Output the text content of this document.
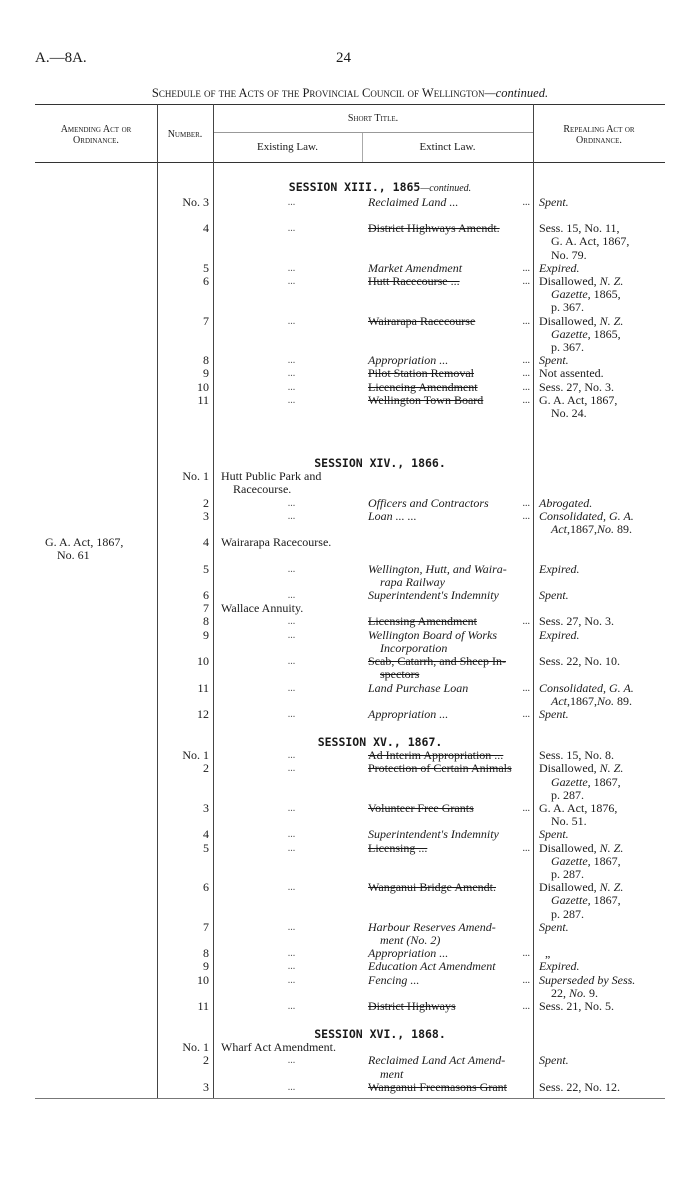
A.—8A.	24
Schedule of the Acts of the Provincial Council of Wellington—continued.
Amending Act or
Ordinance.
Number.
Short Title.
Existing Law.	Extinct Law.
Repealing Act or
Ordinance.
SESSION XIII., 1865—continued.
No. 3	...	Reclaimed Land ...	... Spent.
4	...	District Highways Amendt.	Sess. 15, No. 11,
G. A. Act, 1867,
No. 79.
5	...	Market Amendment	... Expired.
6	...	Hutt Racecourse ...	... Disallowed, N. Z.
Gazette, 1865,
p. 367.
7	...	Wairarapa Racecourse	... Disallowed, N. Z.
Gazette, 1865,
p. 367.
8	...	Appropriation ...	... Spent.
9	...	Pilot Station Removal	... Not assented.
10	...	Licencing Amendment	... Sess. 27, No. 3.
11	...	Wellington Town Board	... G. A. Act, 1867,
No. 24.
SESSION XIV., 1866.
No. 1	Hutt Public Park and
Racecourse.
2	...	Officers and Contractors	... Abrogated.
3	...	Loan ... ...	... Consolidated, G. A.
Act,1867,No. 89.
G. A. Act, 1867,
No. 61
4	Wairarapa Racecourse.
5	...	Wellington, Hutt, and Waira-
rapa Railway
Expired.
6	...	Superintendent's Indemnity	Spent.
7	Wallace Annuity.
8	...	Licensing Amendment	... Sess. 27, No. 3.
9	...	Wellington Board of Works
Incorporation
Expired.
10	...	Scab, Catarrh, and Sheep In-
spectors
Sess. 22, No. 10.
11	...	Land Purchase Loan	... Consolidated, G. A.
Act,1867,No. 89.
12	...	Appropriation ...	... Spent.
SESSION XV., 1867.
No. 1	...	Ad Interim Appropriation ...	Sess. 15, No. 8.
2	...	Protection of Certain Animals	Disallowed, N. Z.
Gazette, 1867,
p. 287.
3	...	Volunteer Free Grants	... G. A. Act, 1876,
No. 51.
4	...	Superintendent's Indemnity	Spent.
5	...	Licensing ...	... Disallowed, N. Z.
Gazette, 1867,
p. 287.
6	...	Wanganui Bridge Amendt.	Disallowed, N. Z.
Gazette, 1867,
p. 287.
7	...	Harbour Reserves Amend-
ment (No. 2)
Spent.
8	...	Appropriation ...	... „
9	...	Education Act Amendment	Expired.
10	...	Fencing ...	... Superseded by Sess.
22, No. 9.
11	...	District Highways	... Sess. 21, No. 5.
SESSION XVI., 1868.
No. 1	Wharf Act Amendment.
2	...	Reclaimed Land Act Amend-
ment
Spent.
3	...	Wanganui Freemasons Grant	Sess. 22, No. 12.
